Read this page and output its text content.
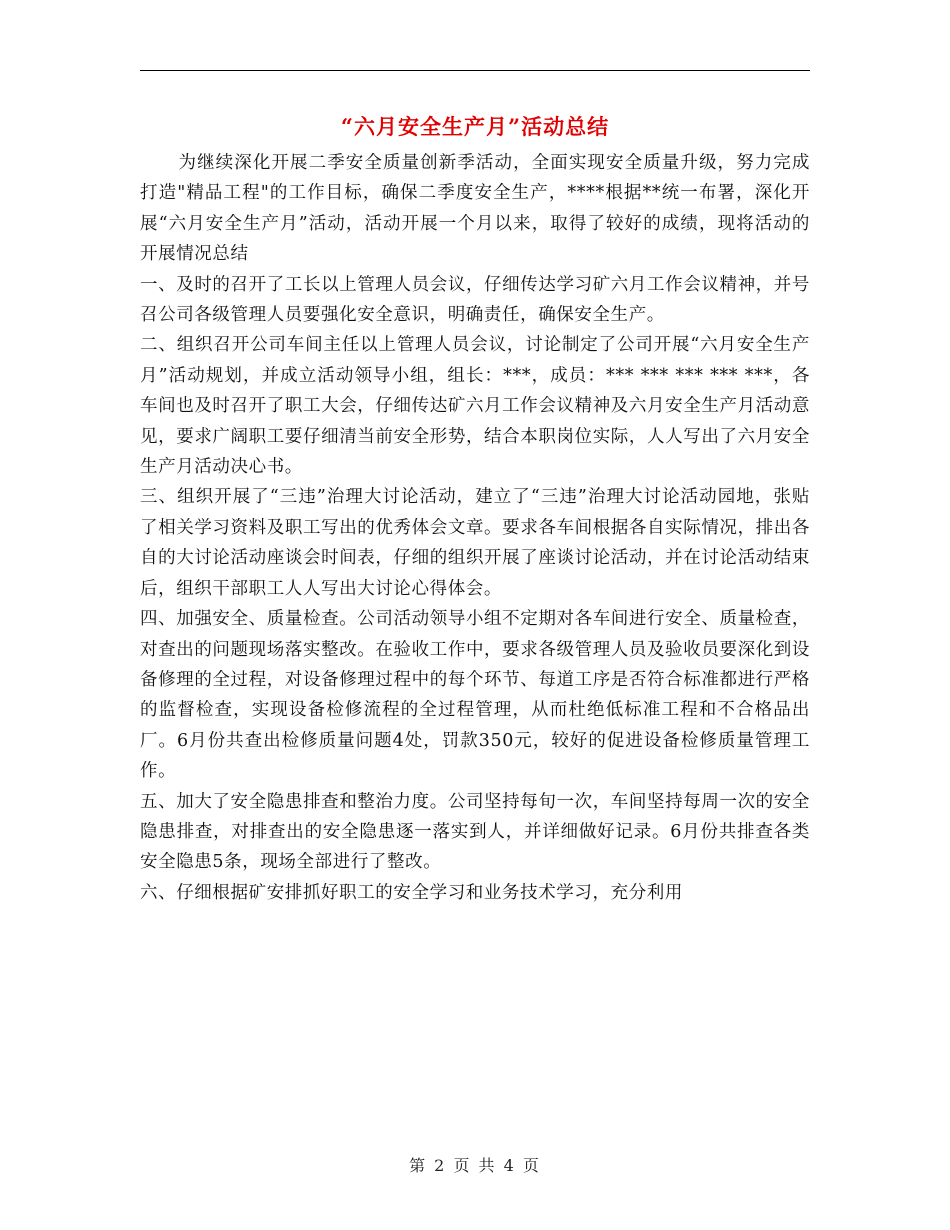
“六月安全生产月”活动总结

为继续深化开展二季安全质量创新季活动，全面实现安全质量升级，努力完成打造"精品工程"的工作目标，确保二季度安全生产，****根据**统一布署，深化开展“六月安全生产月”活动，活动开展一个月以来，取得了较好的成绩，现将活动的开展情况总结

一、及时的召开了工长以上管理人员会议，仔细传达学习矿六月工作会议精神，并号召公司各级管理人员要强化安全意识，明确责任，确保安全生产。

二、组织召开公司车间主任以上管理人员会议，讨论制定了公司开展“六月安全生产月”活动规划，并成立活动领导小组，组长：***，成员：*** *** *** *** ***，各车间也及时召开了职工大会，仔细传达矿六月工作会议精神及六月安全生产月活动意见，要求广阔职工要仔细清当前安全形势，结合本职岗位实际，人人写出了六月安全生产月活动决心书。

三、组织开展了“三违”治理大讨论活动，建立了“三违”治理大讨论活动园地，张贴了相关学习资料及职工写出的优秀体会文章。要求各车间根据各自实际情况，排出各自的大讨论活动座谈会时间表，仔细的组织开展了座谈讨论活动，并在讨论活动结束后，组织干部职工人人写出大讨论心得体会。

四、加强安全、质量检查。公司活动领导小组不定期对各车间进行安全、质量检查，对查出的问题现场落实整改。在验收工作中，要求各级管理人员及验收员要深化到设备修理的全过程，对设备修理过程中的每个环节、每道工序是否符合标准都进行严格的监督检查，实现设备检修流程的全过程管理，从而杜绝低标准工程和不合格品出厂。6月份共查出检修质量问题4处，罚款350元，较好的促进设备检修质量管理工作。

五、加大了安全隐患排查和整治力度。公司坚持每旬一次，车间坚持每周一次的安全隐患排查，对排查出的安全隐患逐一落实到人，并详细做好记录。6月份共排查各类安全隐患5条，现场全部进行了整改。

六、仔细根据矿安排抓好职工的安全学习和业务技术学习，充分利用

第 2 页 共 4 页
